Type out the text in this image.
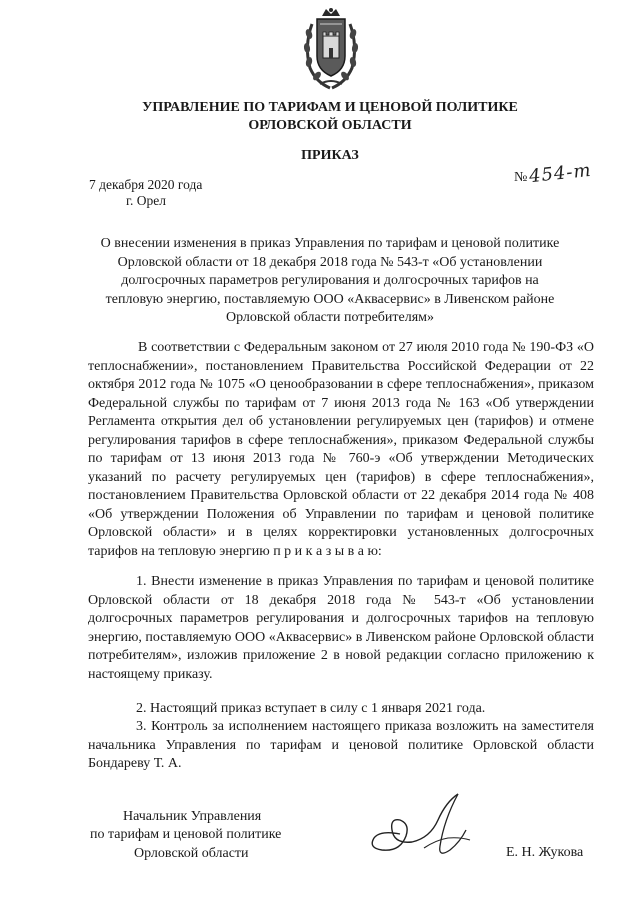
УПРАВЛЕНИЕ ПО ТАРИФАМ И ЦЕНОВОЙ ПОЛИТИКЕ
ОРЛОВСКОЙ ОБЛАСТИ
ПРИКАЗ
7 декабря 2020 года
г. Орел
№ 454-т
О внесении изменения в приказ Управления по тарифам и ценовой политике
Орловской области от 18 декабря 2018 года № 543-т «Об установлении
долгосрочных параметров регулирования и долгосрочных тарифов на
тепловую энергию, поставляемую ООО «Аквасервис» в Ливенском районе
Орловской области потребителям»
В соответствии с Федеральным законом от 27 июля 2010 года № 190-ФЗ «О теплоснабжении», постановлением Правительства Российской Федерации от 22 октября 2012 года № 1075 «О ценообразовании в сфере теплоснабжения», приказом Федеральной службы по тарифам от 7 июня 2013 года № 163 «Об утверждении Регламента открытия дел об установлении регулируемых цен (тарифов) и отмене регулирования тарифов в сфере теплоснабжения», приказом Федеральной службы по тарифам от 13 июня 2013 года № 760-э «Об утверждении Методических указаний по расчету регулируемых цен (тарифов) в сфере теплоснабжения», постановлением Правительства Орловской области от 22 декабря 2014 года № 408 «Об утверждении Положения об Управлении по тарифам и ценовой политике Орловской области» и в целях корректировки установленных долгосрочных тарифов на тепловую энергию п р и к а з ы в а ю:
1. Внести изменение в приказ Управления по тарифам и ценовой политике Орловской области от 18 декабря 2018 года № 543-т «Об установлении долгосрочных параметров регулирования и долгосрочных тарифов на тепловую энергию, поставляемую ООО «Аквасервис» в Ливенском районе Орловской области потребителям», изложив приложение 2 в новой редакции согласно приложению к настоящему приказу.
2. Настоящий приказ вступает в силу с 1 января 2021 года.
3. Контроль за исполнением настоящего приказа возложить на заместителя начальника Управления по тарифам и ценовой политике Орловской области Бондареву Т. А.
Начальник Управления
по тарифам и ценовой политике
Орловской области	Е. Н. Жукова
